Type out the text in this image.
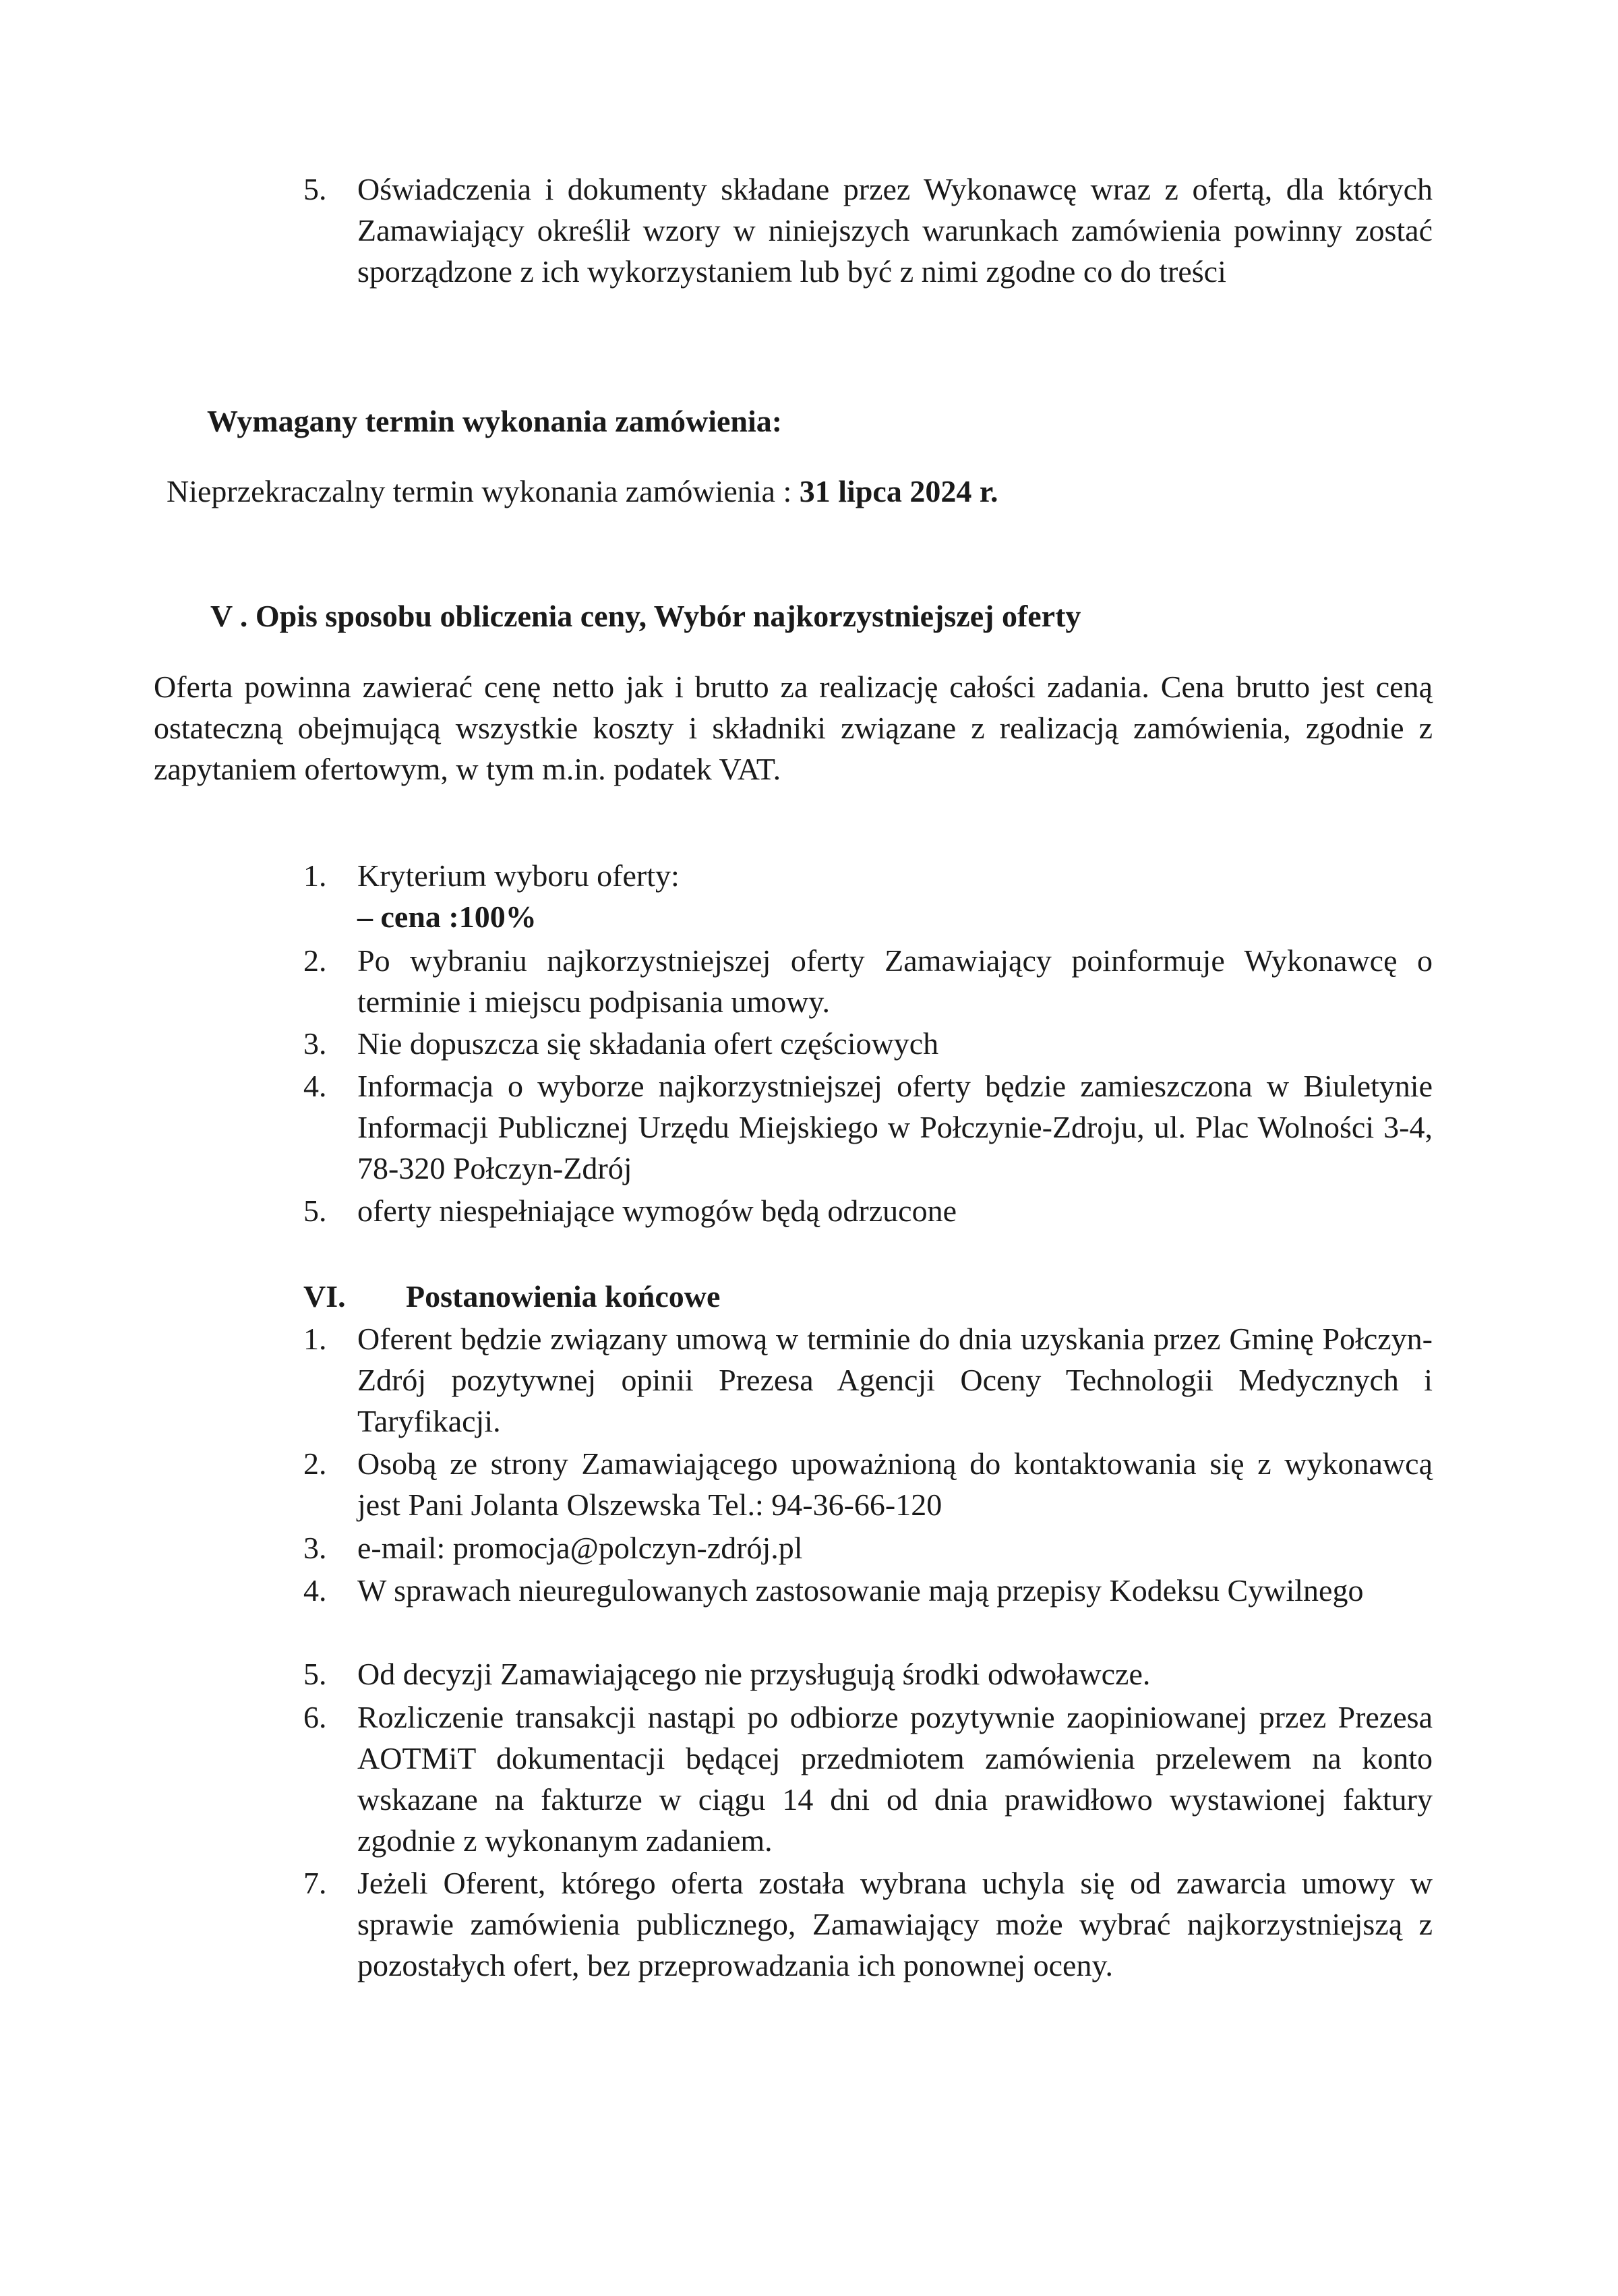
5. Oświadczenia i dokumenty składane przez Wykonawcę wraz z ofertą, dla których Zamawiający określił wzory w niniejszych warunkach zamówienia powinny zostać sporządzone z ich wykorzystaniem lub być z nimi zgodne co do treści

Wymagany termin wykonania zamówienia:

Nieprzekraczalny termin wykonania zamówienia : 31 lipca 2024 r.

V . Opis sposobu obliczenia ceny, Wybór najkorzystniejszej oferty

Oferta powinna zawierać cenę netto jak i brutto za realizację całości zadania. Cena brutto jest ceną ostateczną obejmującą wszystkie koszty i składniki związane z realizacją zamówienia, zgodnie z zapytaniem ofertowym, w tym m.in. podatek VAT.

1. Kryterium wyboru oferty:

– cena :100%

2. Po wybraniu najkorzystniejszej oferty Zamawiający poinformuje Wykonawcę o terminie i miejscu podpisania umowy.

3. Nie dopuszcza się składania ofert częściowych

4. Informacja o wyborze najkorzystniejszej oferty będzie zamieszczona w Biuletynie Informacji Publicznej Urzędu Miejskiego w Połczynie-Zdroju, ul. Plac Wolności 3-4, 78-320 Połczyn-Zdrój

5. oferty niespełniające wymogów będą odrzucone

VI. Postanowienia końcowe

1. Oferent będzie związany umową w terminie do dnia uzyskania przez Gminę Połczyn-Zdrój pozytywnej opinii Prezesa Agencji Oceny Technologii Medycznych i Taryfikacji.

2. Osobą ze strony Zamawiającego upoważnioną do kontaktowania się z wykonawcą jest Pani Jolanta Olszewska Tel.: 94-36-66-120

3. e-mail: promocja@polczyn-zdrój.pl

4. W sprawach nieuregulowanych zastosowanie mają przepisy Kodeksu Cywilnego

5. Od decyzji Zamawiającego nie przysługują środki odwoławcze.

6. Rozliczenie transakcji nastąpi po odbiorze pozytywnie zaopiniowanej przez Prezesa AOTMiT dokumentacji będącej przedmiotem zamówienia przelewem na konto wskazane na fakturze w ciągu 14 dni od dnia prawidłowo wystawionej faktury zgodnie z wykonanym zadaniem.

7. Jeżeli Oferent, którego oferta została wybrana uchyla się od zawarcia umowy w sprawie zamówienia publicznego, Zamawiający może wybrać najkorzystniejszą z pozostałych ofert, bez przeprowadzania ich ponownej oceny.
